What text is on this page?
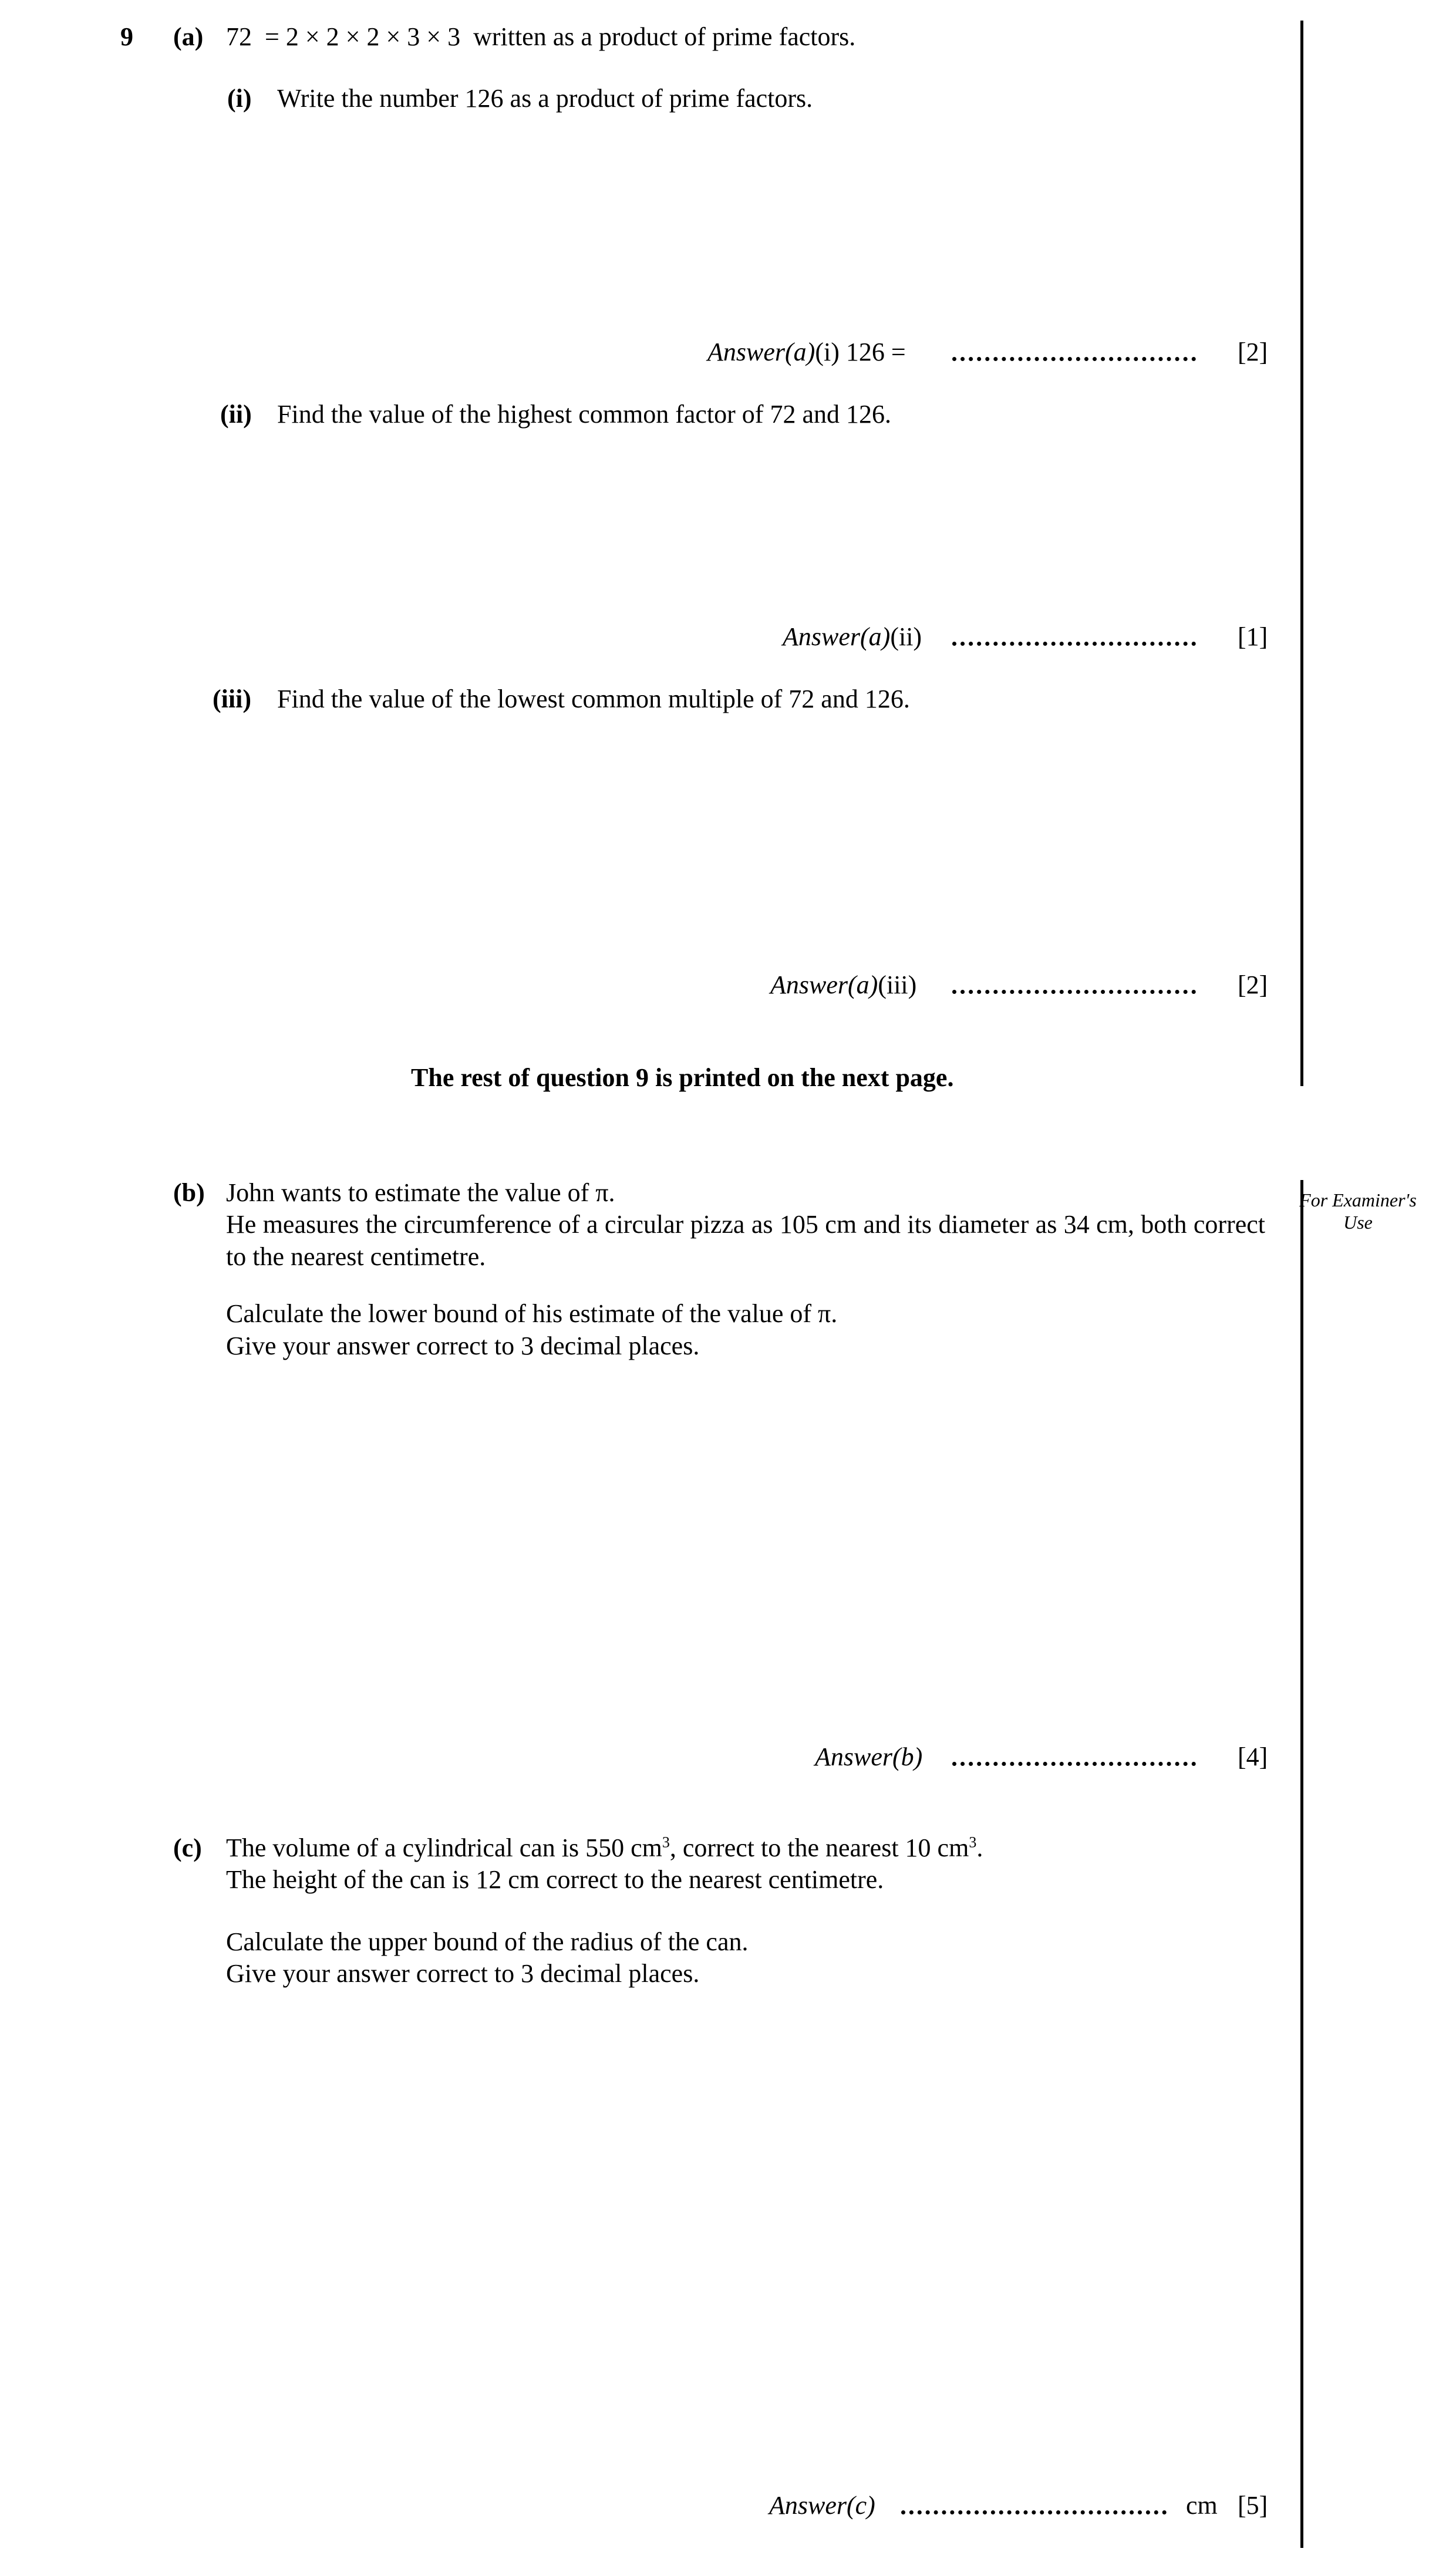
9 (a) 72  = 2 × 2 × 2 × 3 × 3  written as a product of prime factors.
(i) Write the number 126 as a product of prime factors.
Answer(a)(i) 126 =	[2]
(ii) Find the value of the highest common factor of 72 and 126.
Answer(a)(ii)	[1]
(iii) Find the value of the lowest common multiple of 72 and 126.
Answer(a)(iii)	[2]
The rest of question 9 is printed on the next page.
For Examiner's Use
(b) John wants to estimate the value of π.
He measures the circumference of a circular pizza as 105 cm and its diameter as 34 cm, both correct to the nearest centimetre.
Calculate the lower bound of his estimate of the value of π.
Give your answer correct to 3 decimal places.
Answer(b)	[4]
(c) The volume of a cylindrical can is 550 $cm^3$, correct to the nearest 10 $cm^3$.
The height of the can is 12 cm correct to the nearest centimetre.
Calculate the upper bound of the radius of the can.
Give your answer correct to 3 decimal places.
Answer(c)	cm [5]
